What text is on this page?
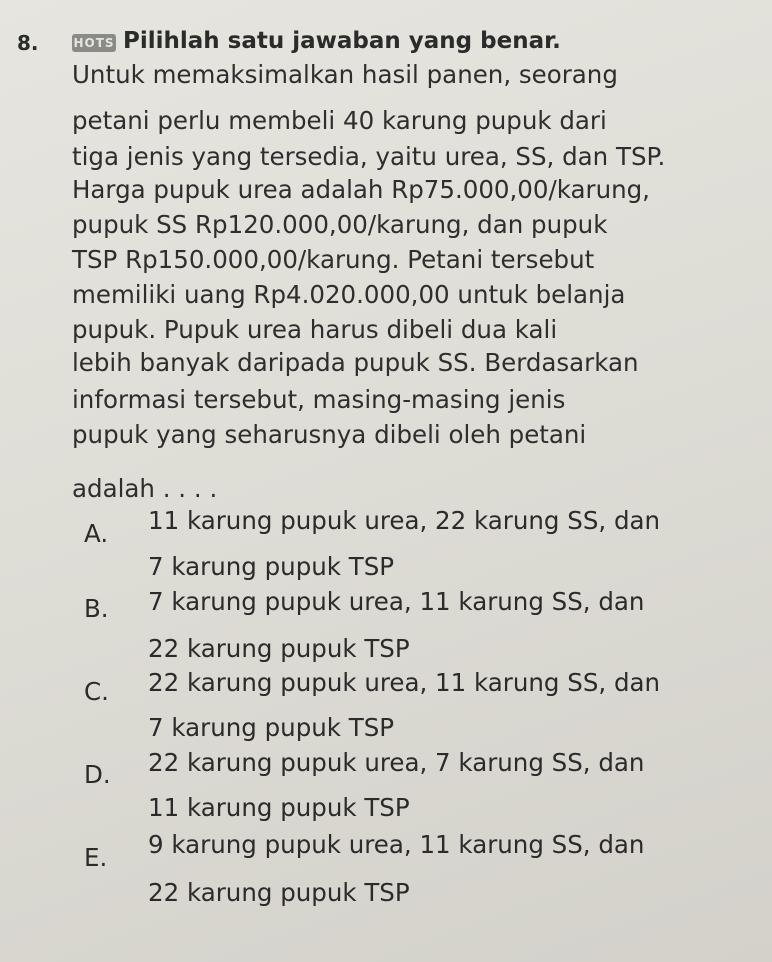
8.	HOTS Pilihlah satu jawaban yang benar.
Untuk memaksimalkan hasil panen, seorang
petani perlu membeli 40 karung pupuk dari
tiga jenis yang tersedia, yaitu urea, SS, dan TSP.
Harga pupuk urea adalah Rp75.000,00/karung,
pupuk SS Rp120.000,00/karung, dan pupuk
TSP Rp150.000,00/karung. Petani tersebut
memiliki uang Rp4.020.000,00 untuk belanja
pupuk. Pupuk urea harus dibeli dua kali
lebih banyak daripada pupuk SS. Berdasarkan
informasi tersebut, masing-masing jenis
pupuk yang seharusnya dibeli oleh petani
adalah . . . .
A. 11 karung pupuk urea, 22 karung SS, dan
7 karung pupuk TSP
B. 7 karung pupuk urea, 11 karung SS, dan
22 karung pupuk TSP
C. 22 karung pupuk urea, 11 karung SS, dan
7 karung pupuk TSP
D. 22 karung pupuk urea, 7 karung SS, dan
11 karung pupuk TSP
E. 9 karung pupuk urea, 11 karung SS, dan
22 karung pupuk TSP
